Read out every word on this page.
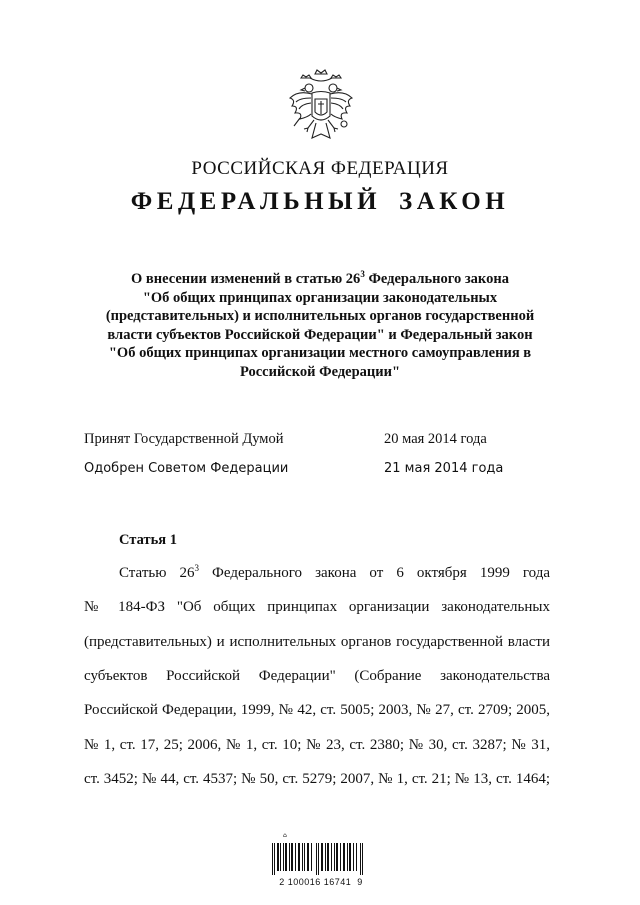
РОССИЙСКАЯ ФЕДЕРАЦИЯ
ФЕДЕРАЛЬНЫЙ ЗАКОН
О внесении изменений в статью $26^3$ Федерального закона
"Об общих принципах организации законодательных
(представительных) и исполнительных органов государственной
власти субъектов Российской Федерации" и Федеральный закон
"Об общих принципах организации местного самоуправления в
Российской Федерации"
Принят Государственной Думой	20 мая 2014 года
Одобрен Советом Федерации	21 мая 2014 года
Статья 1
Статью $26^3$ Федерального закона от 6 октября 1999 года
№ 184-ФЗ "Об общих принципах организации законодательных
(представительных) и исполнительных органов государственной власти
субъектов Российской Федерации" (Собрание законодательства
Российской Федерации, 1999, № 42, ст. 5005; 2003, № 27, ст. 2709; 2005,
№ 1, ст. 17, 25; 2006, № 1, ст. 10; № 23, ст. 2380; № 30, ст. 3287; № 31,
ст. 3452; № 44, ст. 4537; № 50, ст. 5279; 2007, № 1, ст. 21; № 13, ст. 1464;
⌂
2 100016 16741  9
